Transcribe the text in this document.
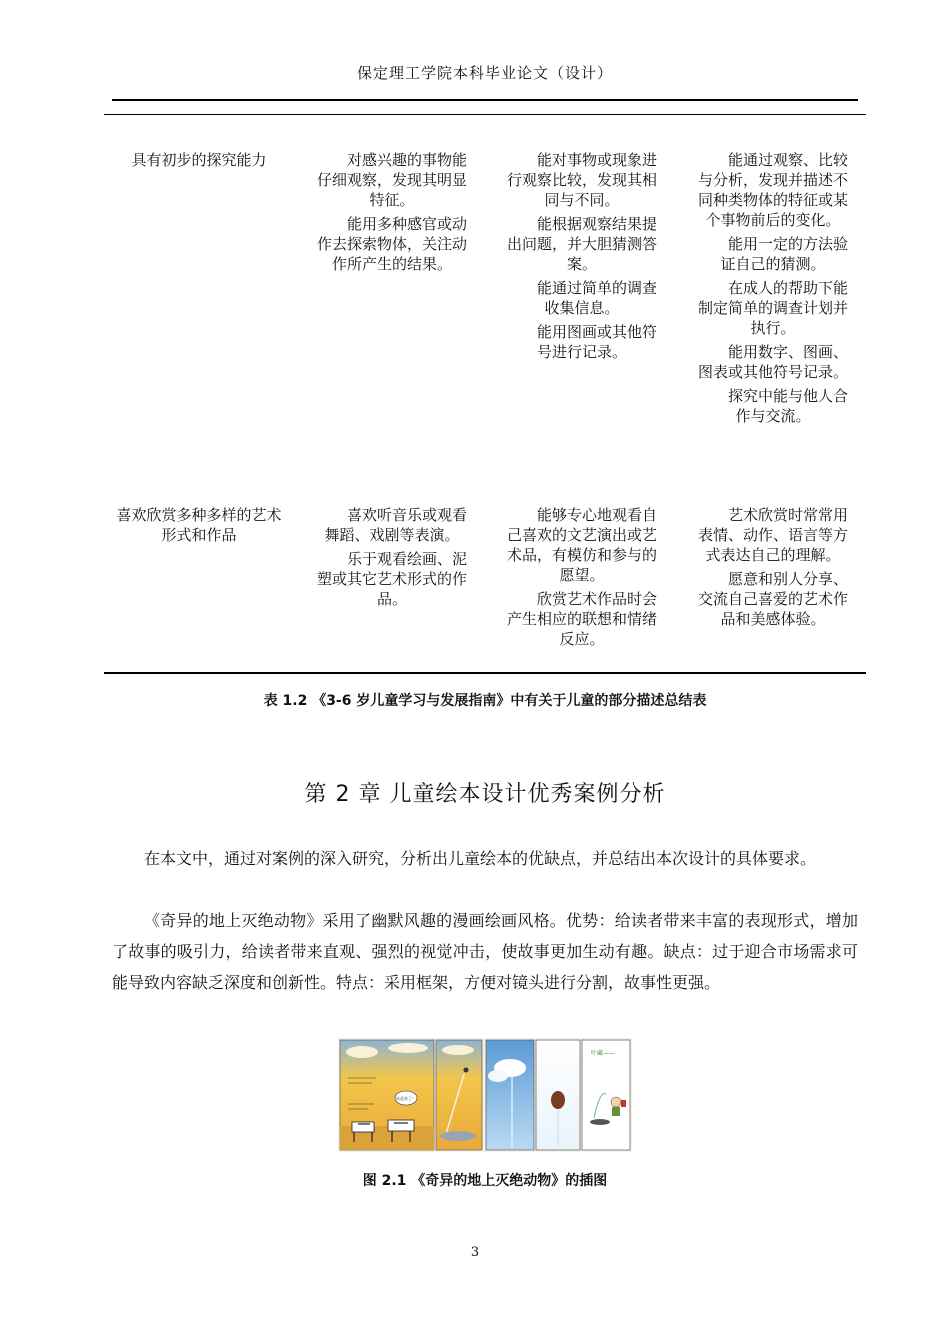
保定理工学院本科毕业论文（设计）

具有初步的探究能力	对感兴趣的事物能仔细观察，发现其明显特征。

能用多种感官或动作去探索物体，关注动作所产生的结果。

能对事物或现象进行观察比较，发现其相同与不同。

能根据观察结果提出问题，并大胆猜测答案。

能通过简单的调查收集信息。

能用图画或其他符号进行记录。

能通过观察、比较与分析，发现并描述不同种类物体的特征或某个事物前后的变化。

能用一定的方法验证自己的猜测。

在成人的帮助下能制定简单的调查计划并执行。

能用数字、图画、图表或其他符号记录。

探究中能与他人合作与交流。

喜欢欣赏多种多样的艺术形式和作品

喜欢听音乐或观看舞蹈、戏剧等表演。

乐于观看绘画、泥塑或其它艺术形式的作品。

能够专心地观看自己喜欢的文艺演出或艺术品，有模仿和参与的愿望。

欣赏艺术作品时会产生相应的联想和情绪反应。

艺术欣赏时常常用表情、动作、语言等方式表达自己的理解。

愿意和别人分享、交流自己喜爱的艺术作品和美感体验。

表 1.2 《3-6 岁儿童学习与发展指南》中有关于儿童的部分描述总结表
第 2 章 儿童绘本设计优秀案例分析

在本文中，通过对案例的深入研究，分析出儿童绘本的优缺点，并总结出本次设计的具体要求。

《奇异的地上灭绝动物》采用了幽默风趣的漫画绘画风格。优势：给读者带来丰富的表现形式，增加了故事的吸引力，给读者带来直观、强烈的视觉冲击，使故事更加生动有趣。缺点：过于迎合市场需求可能导致内容缺乏深度和创新性。特点：采用框架，方便对镜头进行分割，故事性更强。

站起来了！
叶藏——
图 2.1 《奇异的地上灭绝动物》的插图
3
